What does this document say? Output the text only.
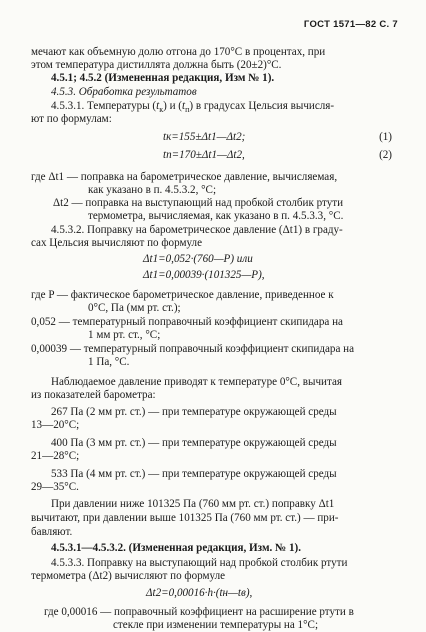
ГОСТ 1571—82 С. 7
мечают как объемную долю отгона до 170°С в процентах, при
этом температура дистиллята должна быть (20±2)°С.
4.5.1; 4.5.2 (Измененная редакция, Изм № 1).
4.5.3. Обработка результатов
4.5.3.1. Температуры $(t_к)$ и $(t_п)$ в градусах Цельсия вычисля-
ют по формулам:
tк=155±Δt1—Δt2;	(1)
tп=170±Δt1—Δt2,	(2)
где Δt1 — поправка на барометрическое давление, вычисляемая,
как указано в п. 4.5.3.2, °С;
Δt2 — поправка на выступающий над пробкой столбик ртути
термометра, вычисляемая, как указано в п. 4.5.3.3, °С.
4.5.3.2. Поправку на барометрическое давление (Δt1) в граду-
сах Цельсия вычисляют по формуле
Δt1=0,052·(760—P) или
Δt1=0,00039·(101325—P),
где P — фактическое барометрическое давление, приведенное к
0°С, Па (мм рт. ст.);
0,052 — температурный поправочный коэффициент скипидара на
1 мм рт. ст., °С;
0,00039 — температурный поправочный коэффициент скипидара на
1 Па, °С.
Наблюдаемое давление приводят к температуре 0°С, вычитая
из показателей барометра:
267 Па (2 мм рт. ст.) — при температуре окружающей среды
13—20°С;
400 Па (3 мм рт. ст.) — при температуре окружающей среды
21—28°С;
533 Па (4 мм рт. ст.) — при температуре окружающей среды
29—35°С.
При давлении ниже 101325 Па (760 мм рт. ст.) поправку Δt1
вычитают, при давлении выше 101325 Па (760 мм рт. ст.) — при-
бавляют.
4.5.3.1—4.5.3.2. (Измененная редакция, Изм. № 1).
4.5.3.3. Поправку на выступающий над пробкой столбик ртути
термометра (Δt2) вычисляют по формуле
Δt2=0,00016·h·(tн—tв),
где 0,00016 — поправочный коэффициент на расширение ртути в
стекле при изменении температуры на 1°С;
